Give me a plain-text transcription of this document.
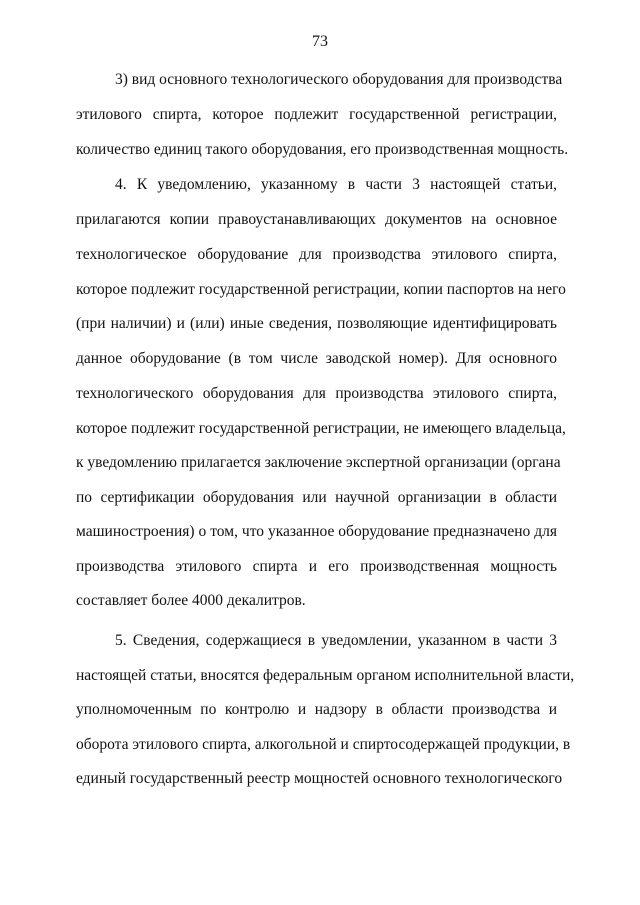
73
3) вид основного технологического оборудования для производства
этилового спирта, которое подлежит государственной регистрации,
количество единиц такого оборудования, его производственная мощность.
4. К уведомлению, указанному в части 3 настоящей статьи,
прилагаются копии правоустанавливающих документов на основное
технологическое оборудование для производства этилового спирта,
которое подлежит государственной регистрации, копии паспортов на него
(при наличии) и (или) иные сведения, позволяющие идентифицировать
данное оборудование (в том числе заводской номер). Для основного
технологического оборудования для производства этилового спирта,
которое подлежит государственной регистрации, не имеющего владельца,
к уведомлению прилагается заключение экспертной организации (органа
по сертификации оборудования или научной организации в области
машиностроения) о том, что указанное оборудование предназначено для
производства этилового спирта и его производственная мощность
составляет более 4000 декалитров.
5. Сведения, содержащиеся в уведомлении, указанном в части 3
настоящей статьи, вносятся федеральным органом исполнительной власти,
уполномоченным по контролю и надзору в области производства и
оборота этилового спирта, алкогольной и спиртосодержащей продукции, в
единый государственный реестр мощностей основного технологического
